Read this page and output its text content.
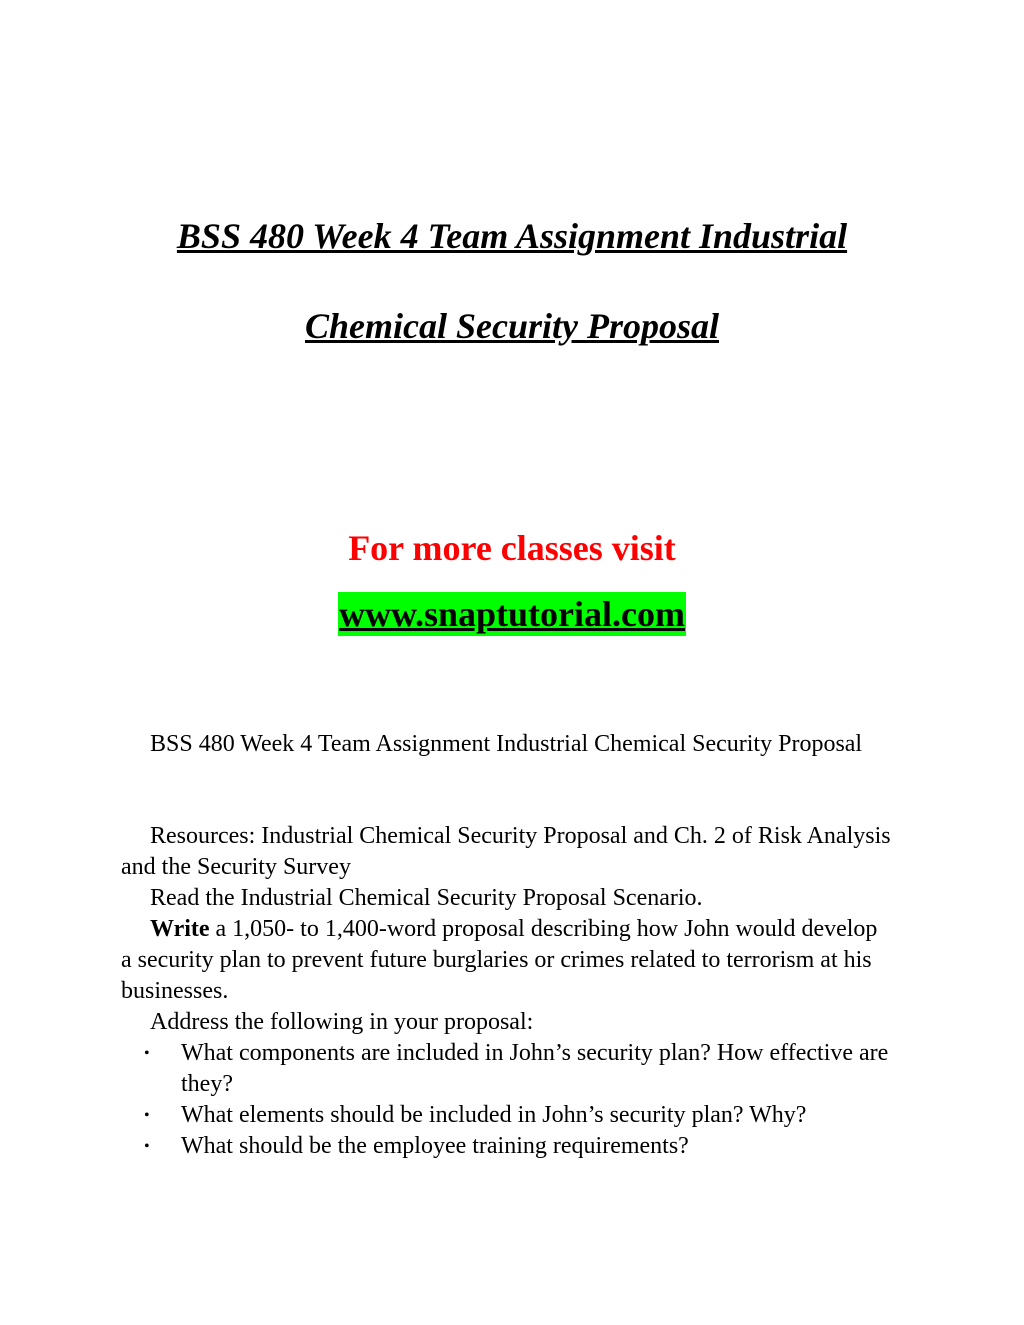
BSS 480 Week 4 Team Assignment Industrial
Chemical Security Proposal
For more classes visit
www.snaptutorial.com

BSS 480 Week 4 Team Assignment Industrial Chemical Security Proposal

Resources: Industrial Chemical Security Proposal and Ch. 2 of Risk Analysis and the Security Survey

Read the Industrial Chemical Security Proposal Scenario.

Write a 1,050- to 1,400-word proposal describing how John would develop a security plan to prevent future burglaries or crimes related to terrorism at his businesses.

Address the following in your proposal:

• What components are included in John’s security plan? How effective are they?
• What elements should be included in John’s security plan? Why?
• What should be the employee training requirements?
